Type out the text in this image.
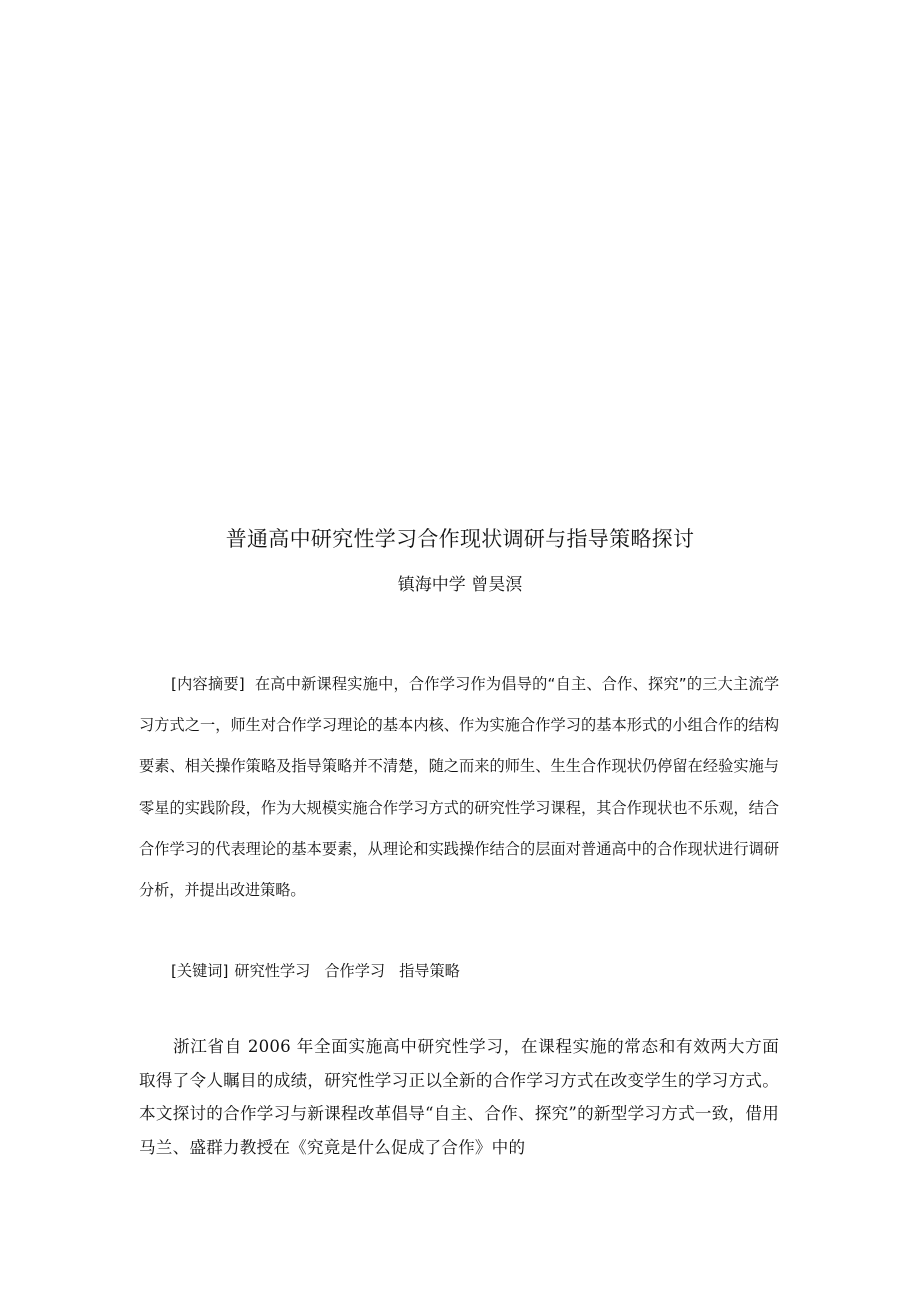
普通高中研究性学习合作现状调研与指导策略探讨

镇海中学 曾昊溟

[内容摘要] 在高中新课程实施中，合作学习作为倡导的“自主、合作、探究”的三大主流学习方式之一，师生对合作学习理论的基本内核、作为实施合作学习的基本形式的小组合作的结构要素、相关操作策略及指导策略并不清楚，随之而来的师生、生生合作现状仍停留在经验实施与零星的实践阶段，作为大规模实施合作学习方式的研究性学习课程，其合作现状也不乐观，结合合作学习的代表理论的基本要素，从理论和实践操作结合的层面对普通高中的合作现状进行调研分析，并提出改进策略。

[关键词] 研究性学习 合作学习 指导策略

浙江省自 2006 年全面实施高中研究性学习，在课程实施的常态和有效两大方面取得了令人瞩目的成绩，研究性学习正以全新的合作学习方式在改变学生的学习方式。本文探讨的合作学习与新课程改革倡导“自主、合作、探究”的新型学习方式一致，借用马兰、盛群力教授在《究竟是什么促成了合作》中的
